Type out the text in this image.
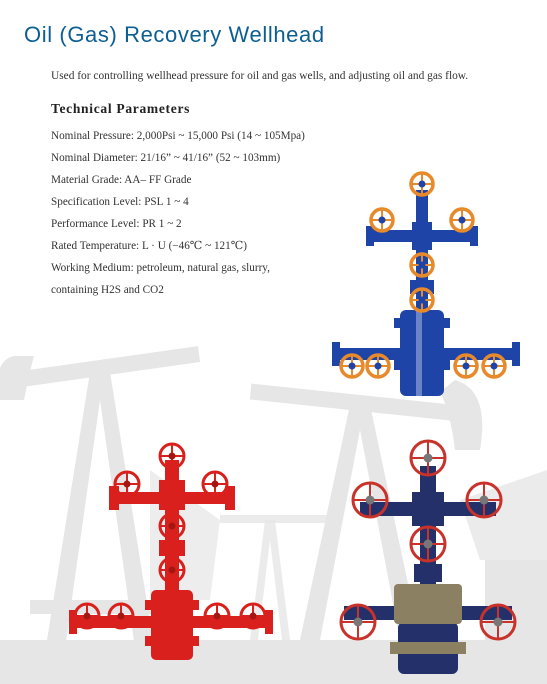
Oil (Gas) Recovery Wellhead

Used for controlling wellhead pressure for oil and gas wells, and adjusting oil and gas flow.

Technical Parameters
Nominal Pressure: 2,000Psi ~ 15,000 Psi (14 ~ 105Mpa)
Nominal Diameter: 21/16” ~ 41/16” (52 ~ 103mm)
Material Grade: AA– FF Grade
Specification Level: PSL 1 ~ 4
Performance Level: PR 1 ~ 2
Rated Temperature: L · U (−46℃ ~ 121℃)
Working Medium: petroleum, natural gas, slurry,
containing H2S and CO2
